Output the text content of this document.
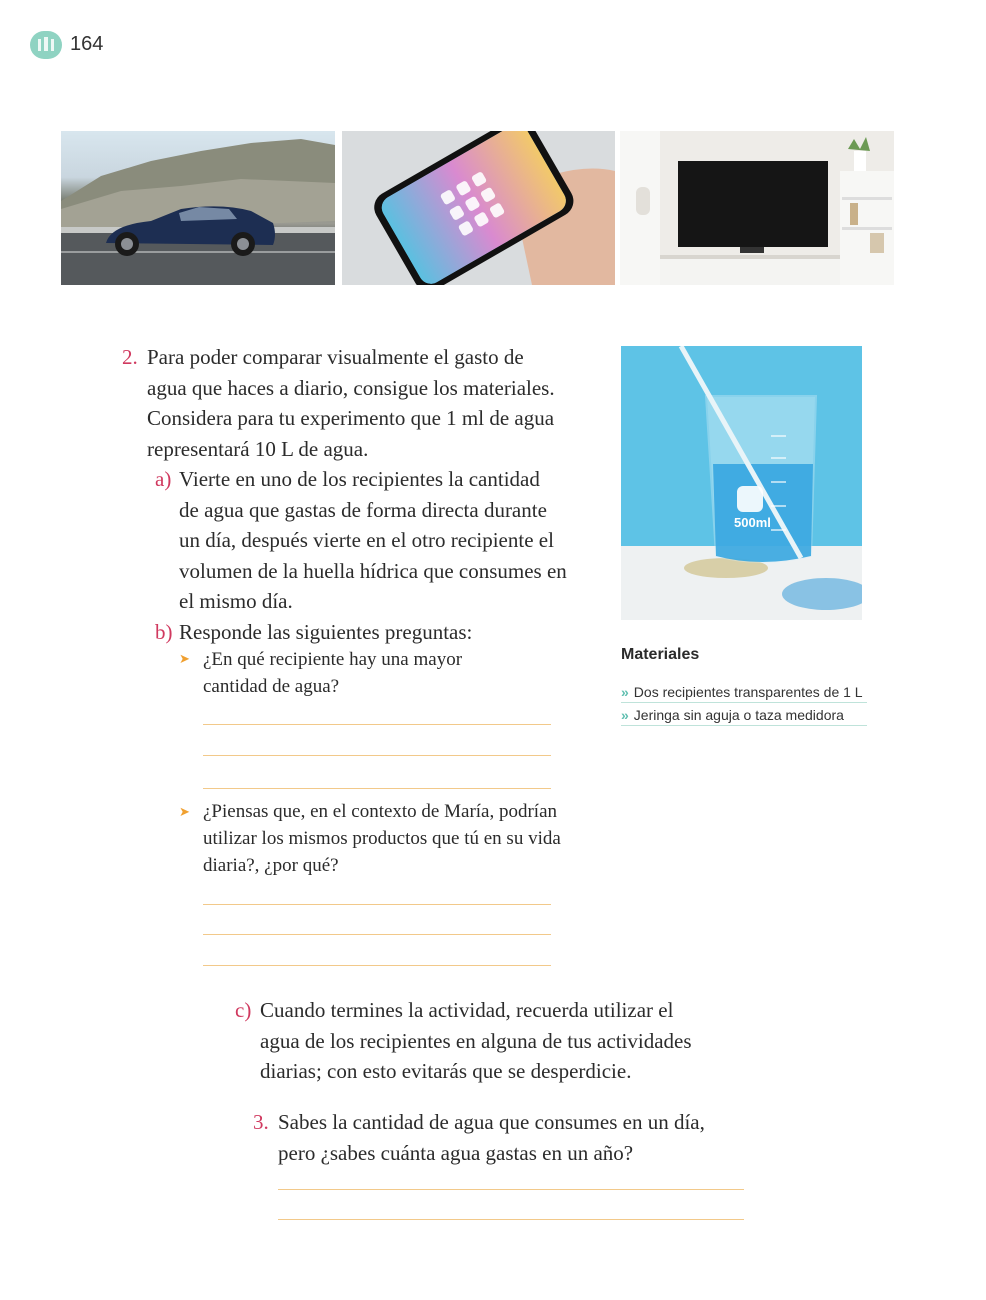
164
2. Para poder comparar visualmente el gasto de
agua que haces a diario, consigue los materiales.
Considera para tu experimento que 1 ml de agua
representará 10 L de agua.
a) Vierte en uno de los recipientes la cantidad
de agua que gastas de forma directa durante
un día, después vierte en el otro recipiente el
volumen de la huella hídrica que consumes en
el mismo día.
b) Responde las siguientes preguntas:
➤ ¿En qué recipiente hay una mayor
cantidad de agua?
➤ ¿Piensas que, en el contexto de María, podrían
utilizar los mismos productos que tú en su vida
diaria?, ¿por qué?
c) Cuando termines la actividad, recuerda utilizar el
agua de los recipientes en alguna de tus actividades
diarias; con esto evitarás que se desperdicie.
3. Sabes la cantidad de agua que consumes en un día,
pero ¿sabes cuánta agua gastas en un año?
500ml
Materiales
» Dos recipientes transparentes de 1 L
» Jeringa sin aguja o taza medidora
